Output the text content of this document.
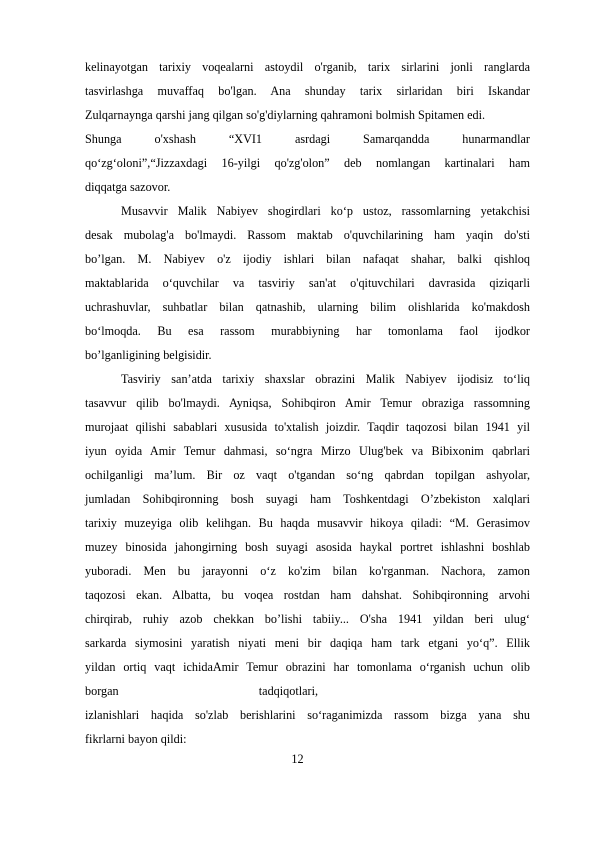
kelinayotgan tarixiy voqealarni astoydil o'rganib, tarix sirlarini jonli ranglarda
tasvirlashga muvaffaq bo'lgan. Ana shunday tarix sirlaridan biri Iskandar
Zulqarnaynga qarshi jang qilgan so'g'diylarning qahramoni bolmish Spitamen edi.
Shunga o'xshash “XVI1 asrdagi Samarqandda hunarmandlar
qo‘zg‘oloni”,“Jizzaxdagi 16-yilgi qo'zg'olon” deb nomlangan kartinalari ham
diqqatga sazovor.
Musavvir Malik Nabiyev shogirdlari ko‘p ustoz, rassomlarning yetakchisi
desak mubolag'a bo'lmaydi. Rassom maktab o'quvchilarining ham yaqin do'sti
bo’lgan. M. Nabiyev o'z ijodiy ishlari bilan nafaqat shahar, balki qishloq
maktablarida o‘quvchilar va tasviriy san'at o'qituvchilari davrasida qiziqarli
uchrashuvlar, suhbatlar bilan qatnashib, ularning bilim olishlarida ko'makdosh
bo‘lmoqda. Bu esa rassom murabbiyning har tomonlama faol ijodkor
bo’lganligining belgisidir.
Tasviriy san’atda tarixiy shaxslar obrazini Malik Nabiyev ijodisiz to‘liq
tasavvur qilib bo'lmaydi. Ayniqsa, Sohibqiron Amir Temur obraziga rassomning
murojaat qilishi sabablari xususida to'xtalish joizdir. Taqdir taqozosi bilan 1941 yil
iyun oyida Amir Temur dahmasi, so‘ngra Mirzo Ulug'bek va Bibixonim qabrlari
ochilganligi ma’lum. Bir oz vaqt o'tgandan so‘ng qabrdan topilgan ashyolar,
jumladan Sohibqironning bosh suyagi ham Toshkentdagi O’zbekiston xalqlari
tarixiy muzeyiga olib kelihgan. Bu haqda musavvir hikoya qiladi: “M. Gerasimov
muzey binosida jahongirning bosh suyagi asosida haykal portret ishlashni boshlab
yuboradi. Men bu jarayonni o‘z ko'zim bilan ko'rganman. Nachora, zamon
taqozosi ekan. Albatta, bu voqea rostdan ham dahshat. Sohibqironning arvohi
chirqirab, ruhiy azob chekkan bo’lishi tabiiy... O'sha 1941 yildan beri ulug‘
sarkarda siymosini yaratish niyati meni bir daqiqa ham tark etgani yo‘q”. Ellik
yildan ortiq vaqt ichidaAmir Temur obrazini har tomonlama o‘rganish uchun olib
borgan                                              tadqiqotlari,
izlanishlari haqida so'zlab berishlarini so‘raganimizda rassom bizga yana shu
fikrlarni bayon qildi:
12
